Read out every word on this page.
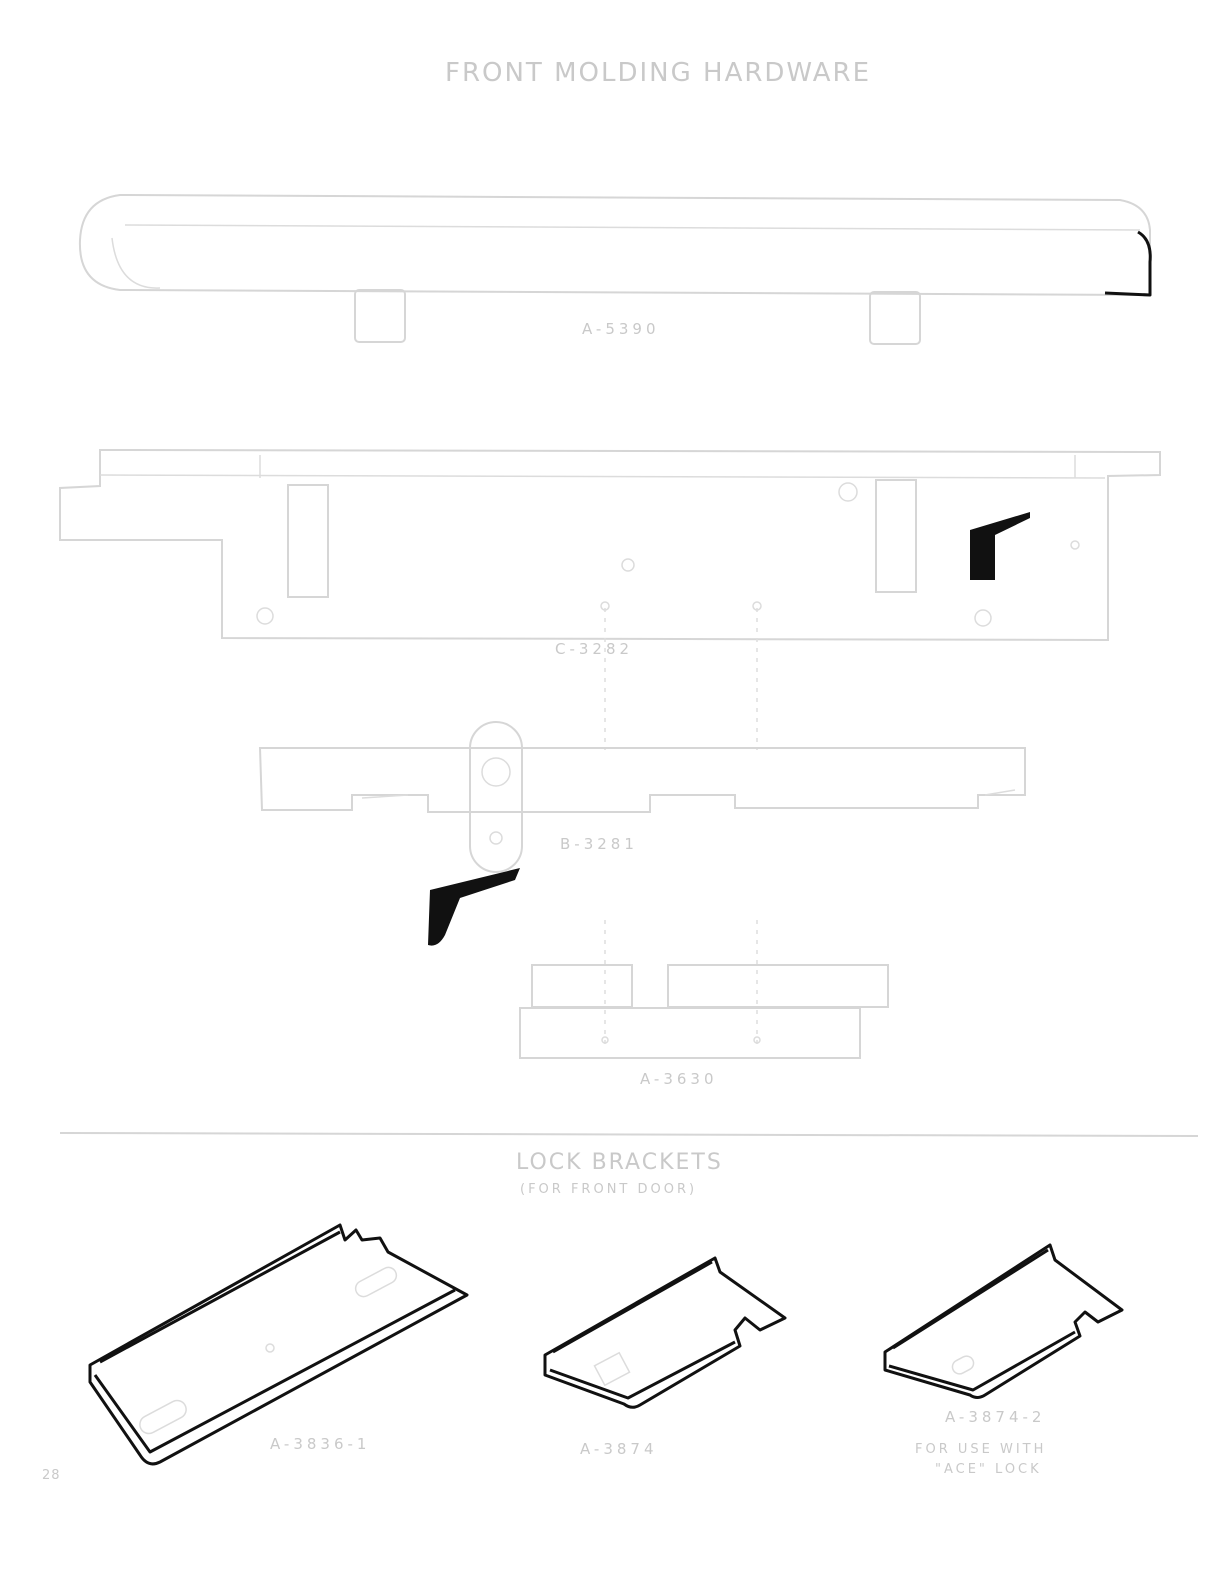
FRONT MOLDING HARDWARE
A-5390
C-3282
B-3281
A-3630
LOCK BRACKETS
(FOR FRONT DOOR)
A-3836-1	A-3874
A-3874-2
FOR USE WITH
"ACE" LOCK
28
